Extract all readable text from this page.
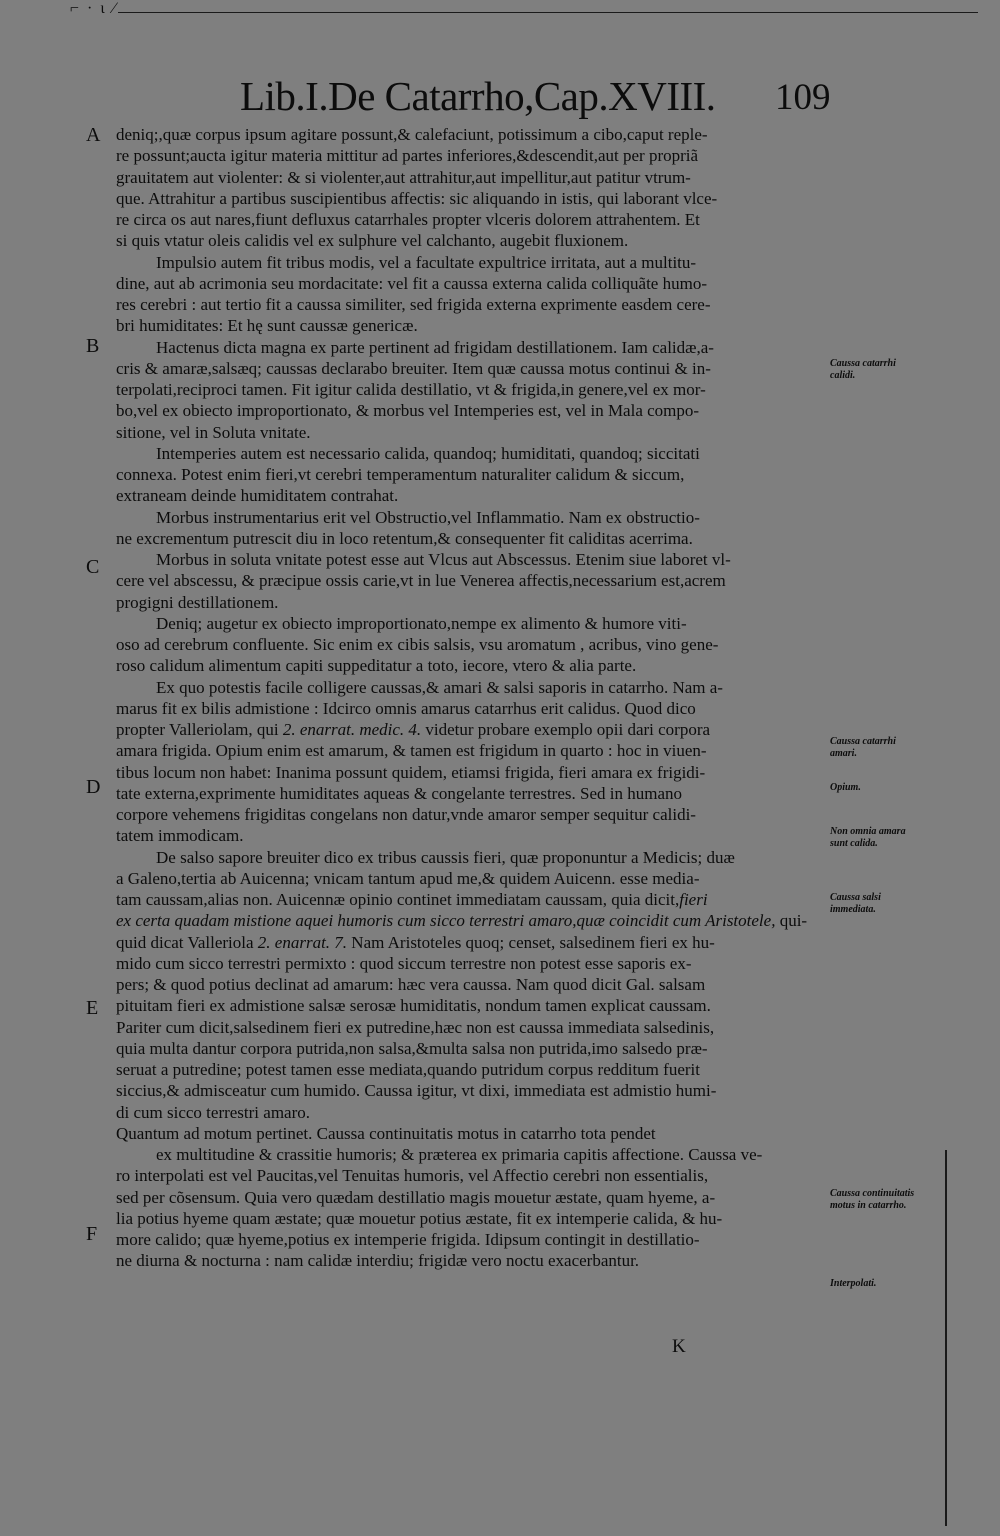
⌐ · ɩ ⁄
Lib.I.De Catarrho,Cap.XVIII. 109
A
B
C
D
E
F
Caussa catarrhi calidi.
Caussa catarrhi amari.
Opium.
Non omnia amara sunt calida.
Caussa salsi immediata.
Caussa continuitatis motus in catarrho.
Interpolati.
deniq;,quæ corpus ipsum agitare possunt,& calefaciunt, potissimum a cibo,caput reple-
re possunt;aucta igitur materia mittitur ad partes inferiores,&descendit,aut per propriã
grauitatem aut violenter: & si violenter,aut attrahitur,aut impellitur,aut patitur vtrum-
que. Attrahitur a partibus suscipientibus affectis: sic aliquando in istis, qui laborant vlce-
re circa os aut nares,fiunt defluxus catarrhales propter vlceris dolorem attrahentem. Et
si quis vtatur oleis calidis vel ex sulphure vel calchanto, augebit fluxionem.
Impulsio autem fit tribus modis, vel a facultate expultrice irritata, aut a multitu-
dine, aut ab acrimonia seu mordacitate: vel fit a caussa externa calida colliquãte humo-
res cerebri : aut tertio fit a caussa similiter, sed frigida externa exprimente easdem cere-
bri humiditates: Et hę sunt caussæ genericæ.
Hactenus dicta magna ex parte pertinent ad frigidam destillationem. Iam calidæ,a-
cris & amaræ,salsæq; caussas declarabo breuiter. Item quæ caussa motus continui & in-
terpolati,reciproci tamen. Fit igitur calida destillatio, vt & frigida,in genere,vel ex mor-
bo,vel ex obiecto improportionato, & morbus vel Intemperies est, vel in Mala compo-
sitione, vel in Soluta vnitate.
Intemperies autem est necessario calida, quandoq; humiditati, quandoq; siccitati
connexa. Potest enim fieri,vt cerebri temperamentum naturaliter calidum & siccum,
extraneam deinde humiditatem contrahat.
Morbus instrumentarius erit vel Obstructio,vel Inflammatio. Nam ex obstructio-
ne excrementum putrescit diu in loco retentum,& consequenter fit caliditas acerrima.
Morbus in soluta vnitate potest esse aut Vlcus aut Abscessus. Etenim siue laboret vl-
cere vel abscessu, & præcipue ossis carie,vt in lue Venerea affectis,necessarium est,acrem
progigni destillationem.
Deniq; augetur ex obiecto improportionato,nempe ex alimento & humore viti-
oso ad cerebrum confluente. Sic enim ex cibis salsis, vsu aromatum , acribus, vino gene-
roso calidum alimentum capiti suppeditatur a toto, iecore, vtero & alia parte.
Ex quo potestis facile colligere caussas,& amari & salsi saporis in catarrho. Nam a-
marus fit ex bilis admistione : Idcirco omnis amarus catarrhus erit calidus. Quod dico
propter Valleriolam, qui 2. enarrat. medic. 4. videtur probare exemplo opii dari corpora
amara frigida. Opium enim est amarum, & tamen est frigidum in quarto : hoc in viuen-
tibus locum non habet: Inanima possunt quidem, etiamsi frigida, fieri amara ex frigidi-
tate externa,exprimente humiditates aqueas & congelante terrestres. Sed in humano
corpore vehemens frigiditas congelans non datur,vnde amaror semper sequitur calidi-
tatem immodicam.
De salso sapore breuiter dico ex tribus caussis fieri, quæ proponuntur a Medicis; duæ
a Galeno,tertia ab Auicenna; vnicam tantum apud me,& quidem Auicenn. esse media-
tam caussam,alias non. Auicennæ opinio continet immediatam caussam, quia dicit,fieri
ex certa quadam mistione aquei humoris cum sicco terrestri amaro,quæ coincidit cum Aristotele, qui-
quid dicat Valleriola 2. enarrat. 7. Nam Aristoteles quoq; censet, salsedinem fieri ex hu-
mido cum sicco terrestri permixto : quod siccum terrestre non potest esse saporis ex-
pers; & quod potius declinat ad amarum: hæc vera caussa. Nam quod dicit Gal. salsam
pituitam fieri ex admistione salsæ serosæ humiditatis, nondum tamen explicat caussam.
Pariter cum dicit,salsedinem fieri ex putredine,hæc non est caussa immediata salsedinis,
quia multa dantur corpora putrida,non salsa,&multa salsa non putrida,imo salsedo præ-
seruat a putredine; potest tamen esse mediata,quando putridum corpus redditum fuerit
siccius,& admisceatur cum humido. Caussa igitur, vt dixi, immediata est admistio humi-
di cum sicco terrestri amaro.
Quantum ad motum pertinet. Caussa continuitatis motus in catarrho tota pendet
ex multitudine & crassitie humoris; & præterea ex primaria capitis affectione. Caussa ve-
ro interpolati est vel Paucitas,vel Tenuitas humoris, vel Affectio cerebri non essentialis,
sed per cõsensum. Quia vero quædam destillatio magis mouetur æstate, quam hyeme, a-
lia potius hyeme quam æstate; quæ mouetur potius æstate, fit ex intemperie calida, & hu-
more calido; quæ hyeme,potius ex intemperie frigida. Idipsum contingit in destillatio-
ne diurna & nocturna : nam calidæ interdiu; frigidæ vero noctu exacerbantur.
K
